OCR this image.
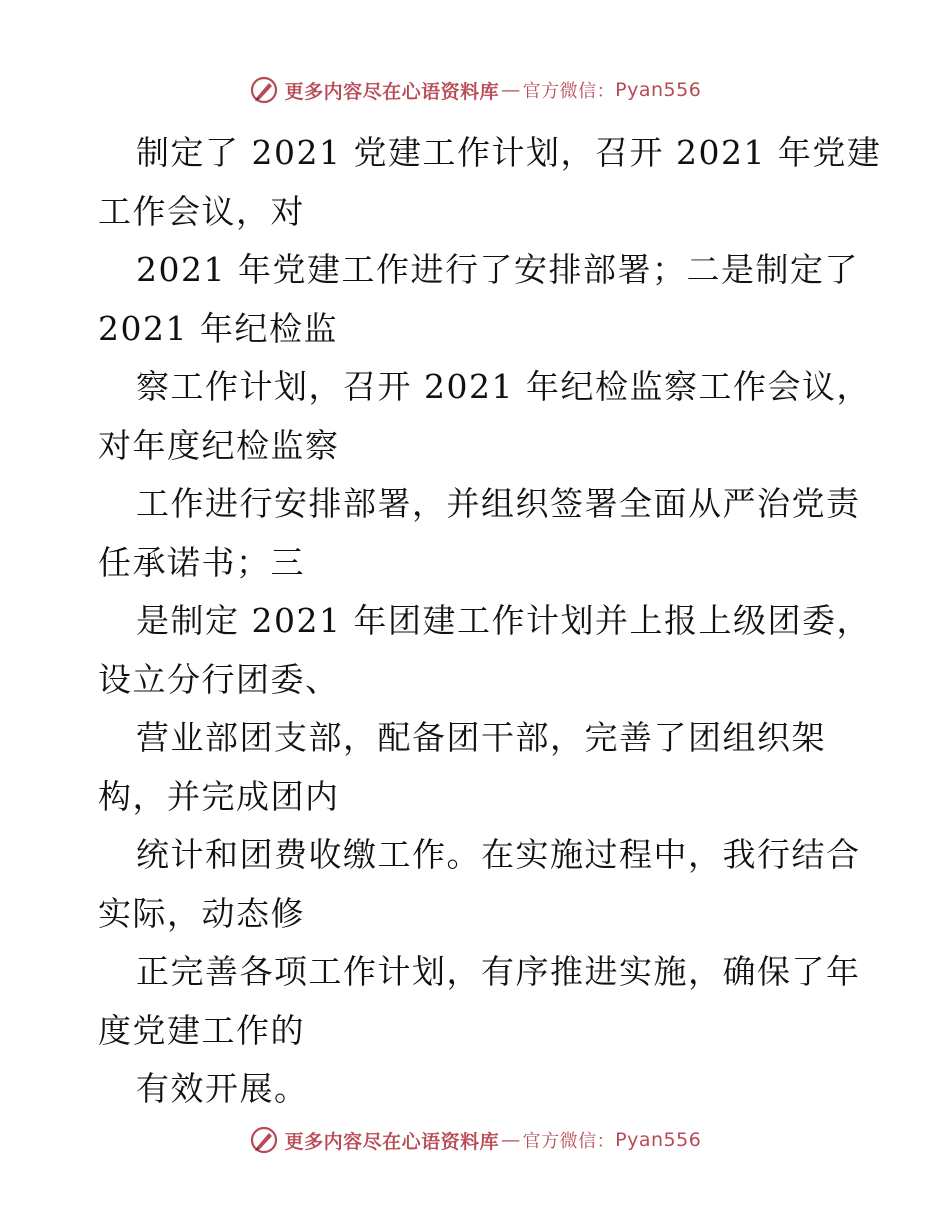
更多内容尽在心语资料库 — 官方微信： Pyan556
制定了 2021 党建工作计划，召开 2021 年党建
工作会议，对
2021 年党建工作进行了安排部署；二是制定了
2021 年纪检监
察工作计划，召开 2021 年纪检监察工作会议，
对年度纪检监察
工作进行安排部署，并组织签署全面从严治党责
任承诺书；三
是制定 2021 年团建工作计划并上报上级团委，
设立分行团委、
营业部团支部，配备团干部，完善了团组织架
构，并完成团内
统计和团费收缴工作。在实施过程中，我行结合
实际，动态修
正完善各项工作计划，有序推进实施，确保了年
度党建工作的
有效开展。
更多内容尽在心语资料库 — 官方微信： Pyan556
